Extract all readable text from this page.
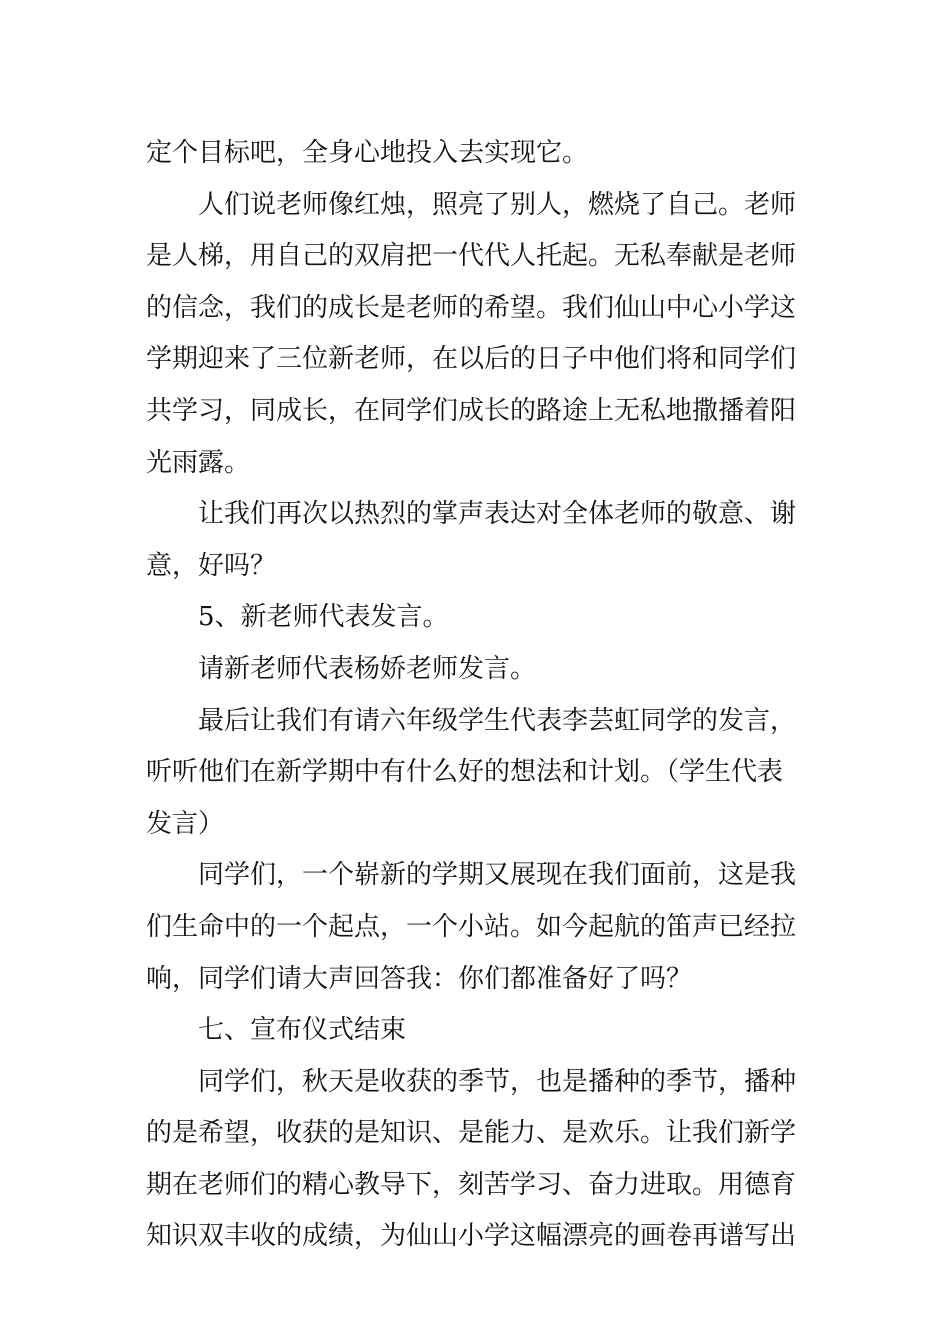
定个目标吧，全身心地投入去实现它。

人们说老师像红烛，照亮了别人，燃烧了自己。老师
是人梯，用自己的双肩把一代代人托起。无私奉献是老师
的信念，我们的成长是老师的希望。我们仙山中心小学这
学期迎来了三位新老师，在以后的日子中他们将和同学们
共学习，同成长，在同学们成长的路途上无私地撒播着阳
光雨露。

让我们再次以热烈的掌声表达对全体老师的敬意、谢
意，好吗？

5、新老师代表发言。

请新老师代表杨娇老师发言。

最后让我们有请六年级学生代表李芸虹同学的发言，
听听他们在新学期中有什么好的想法和计划。（学生代表
发言）

同学们，一个崭新的学期又展现在我们面前，这是我
们生命中的一个起点，一个小站。如今起航的笛声已经拉
响，同学们请大声回答我：你们都准备好了吗？

七、宣布仪式结束

同学们，秋天是收获的季节，也是播种的季节，播种
的是希望，收获的是知识、是能力、是欢乐。让我们新学
期在老师们的精心教导下，刻苦学习、奋力进取。用德育
知识双丰收的成绩，为仙山小学这幅漂亮的画卷再谱写出
